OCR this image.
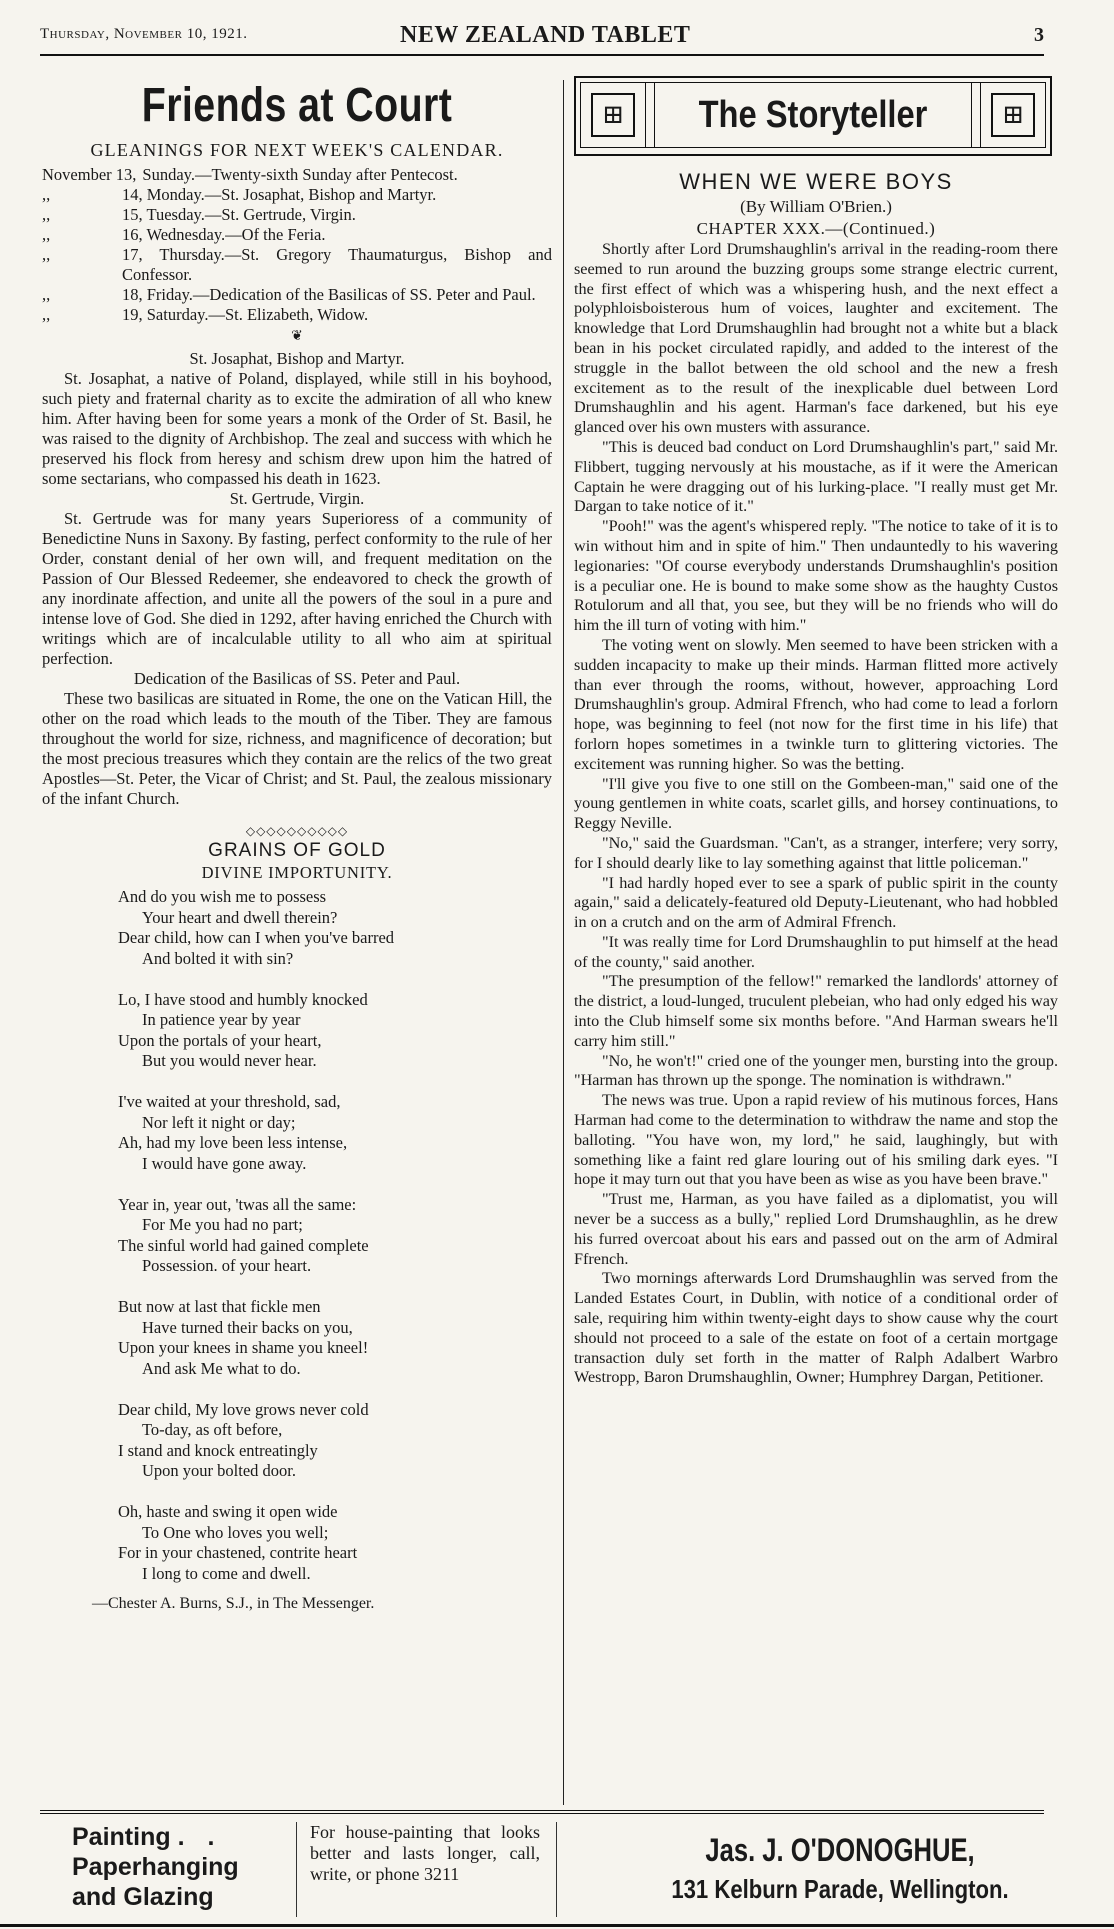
Thursday, November 10, 1921.	NEW ZEALAND TABLET	3
Friends at Court
GLEANINGS FOR NEXT WEEK'S CALENDAR.
November 13, Sunday.—Twenty-sixth Sunday after Pentecost.
,,	14, Monday.—St. Josaphat, Bishop and Martyr.
,,	15, Tuesday.—St. Gertrude, Virgin.
,,	16, Wednesday.—Of the Feria.
,,	17, Thursday.—St. Gregory Thaumaturgus, Bishop and Confessor.
,,	18, Friday.—Dedication of the Basilicas of SS. Peter and Paul.
,,	19, Saturday.—St. Elizabeth, Widow.
❦
St. Josaphat, Bishop and Martyr.

St. Josaphat, a native of Poland, displayed, while still in his boyhood, such piety and fraternal charity as to excite the admiration of all who knew him. After having been for some years a monk of the Order of St. Basil, he was raised to the dignity of Archbishop. The zeal and success with which he preserved his flock from heresy and schism drew upon him the hatred of some sectarians, who compassed his death in 1623.

St. Gertrude, Virgin.

St. Gertrude was for many years Superioress of a community of Benedictine Nuns in Saxony. By fasting, perfect conformity to the rule of her Order, constant denial of her own will, and frequent meditation on the Passion of Our Blessed Redeemer, she endeavored to check the growth of any inordinate affection, and unite all the powers of the soul in a pure and intense love of God. She died in 1292, after having enriched the Church with writings which are of incalculable utility to all who aim at spiritual perfection.

Dedication of the Basilicas of SS. Peter and Paul.

These two basilicas are situated in Rome, the one on the Vatican Hill, the other on the road which leads to the mouth of the Tiber. They are famous throughout the world for size, richness, and magnificence of decoration; but the most precious treasures which they contain are the relics of the two great Apostles—St. Peter, the Vicar of Christ; and St. Paul, the zealous missionary of the infant Church.

◇◇◇◇◇◇◇◇◇◇
GRAINS OF GOLD
DIVINE IMPORTUNITY.
And do you wish me to possess
Your heart and dwell therein?
Dear child, how can I when you've barred
And bolted it with sin?
Lo, I have stood and humbly knocked
In patience year by year
Upon the portals of your heart,
But you would never hear.
I've waited at your threshold, sad,
Nor left it night or day;
Ah, had my love been less intense,
I would have gone away.
Year in, year out, 'twas all the same:
For Me you had no part;
The sinful world had gained complete
Possession. of your heart.
But now at last that fickle men
Have turned their backs on you,
Upon your knees in shame you kneel!
And ask Me what to do.
Dear child, My love grows never cold
To-day, as oft before,
I stand and knock entreatingly
Upon your bolted door.
Oh, haste and swing it open wide
To One who loves you well;
For in your chastened, contrite heart
I long to come and dwell.
—Chester A. Burns, S.J., in The Messenger.
⊞	The Storyteller	⊞
WHEN WE WERE BOYS
(By William O'Brien.)
CHAPTER XXX.—(Continued.)

Shortly after Lord Drumshaughlin's arrival in the reading-room there seemed to run around the buzzing groups some strange electric current, the first effect of which was a whispering hush, and the next effect a polyphloisboisterous hum of voices, laughter and excitement. The knowledge that Lord Drumshaughlin had brought not a white but a black bean in his pocket circulated rapidly, and added to the interest of the struggle in the ballot between the old school and the new a fresh excitement as to the result of the inexplicable duel between Lord Drumshaughlin and his agent. Harman's face darkened, but his eye glanced over his own musters with assurance.

"This is deuced bad conduct on Lord Drumshaughlin's part," said Mr. Flibbert, tugging nervously at his moustache, as if it were the American Captain he were dragging out of his lurking-place. "I really must get Mr. Dargan to take notice of it."

"Pooh!" was the agent's whispered reply. "The notice to take of it is to win without him and in spite of him." Then undauntedly to his wavering legionaries: "Of course everybody understands Drumshaughlin's position is a peculiar one. He is bound to make some show as the haughty Custos Rotulorum and all that, you see, but they will be no friends who will do him the ill turn of voting with him."

The voting went on slowly. Men seemed to have been stricken with a sudden incapacity to make up their minds. Harman flitted more actively than ever through the rooms, without, however, approaching Lord Drumshaughlin's group. Admiral Ffrench, who had come to lead a forlorn hope, was beginning to feel (not now for the first time in his life) that forlorn hopes sometimes in a twinkle turn to glittering victories. The excitement was running higher. So was the betting.

"I'll give you five to one still on the Gombeen-man," said one of the young gentlemen in white coats, scarlet gills, and horsey continuations, to Reggy Neville.

"No," said the Guardsman. "Can't, as a stranger, interfere; very sorry, for I should dearly like to lay something against that little policeman."

"I had hardly hoped ever to see a spark of public spirit in the county again," said a delicately-featured old Deputy-Lieutenant, who had hobbled in on a crutch and on the arm of Admiral Ffrench.

"It was really time for Lord Drumshaughlin to put himself at the head of the county," said another.

"The presumption of the fellow!" remarked the landlords' attorney of the district, a loud-lunged, truculent plebeian, who had only edged his way into the Club himself some six months before. "And Harman swears he'll carry him still."

"No, he won't!" cried one of the younger men, bursting into the group. "Harman has thrown up the sponge. The nomination is withdrawn."

The news was true. Upon a rapid review of his mutinous forces, Hans Harman had come to the determination to withdraw the name and stop the balloting. "You have won, my lord," he said, laughingly, but with something like a faint red glare louring out of his smiling dark eyes. "I hope it may turn out that you have been as wise as you have been brave."

"Trust me, Harman, as you have failed as a diplomatist, you will never be a success as a bully," replied Lord Drumshaughlin, as he drew his furred overcoat about his ears and passed out on the arm of Admiral Ffrench.

Two mornings afterwards Lord Drumshaughlin was served from the Landed Estates Court, in Dublin, with notice of a conditional order of sale, requiring him within twenty-eight days to show cause why the court should not proceed to a sale of the estate on foot of a certain mortgage transaction duly set forth in the matter of Ralph Adalbert Warbro Westropp, Baron Drumshaughlin, Owner; Humphrey Dargan, Petitioner.

Painting . .
Paperhanging
and Glazing
For house-painting that looks better and lasts longer, call, write, or phone 3211
Jas. J. O'DONOGHUE,
131 Kelburn Parade, Wellington.
